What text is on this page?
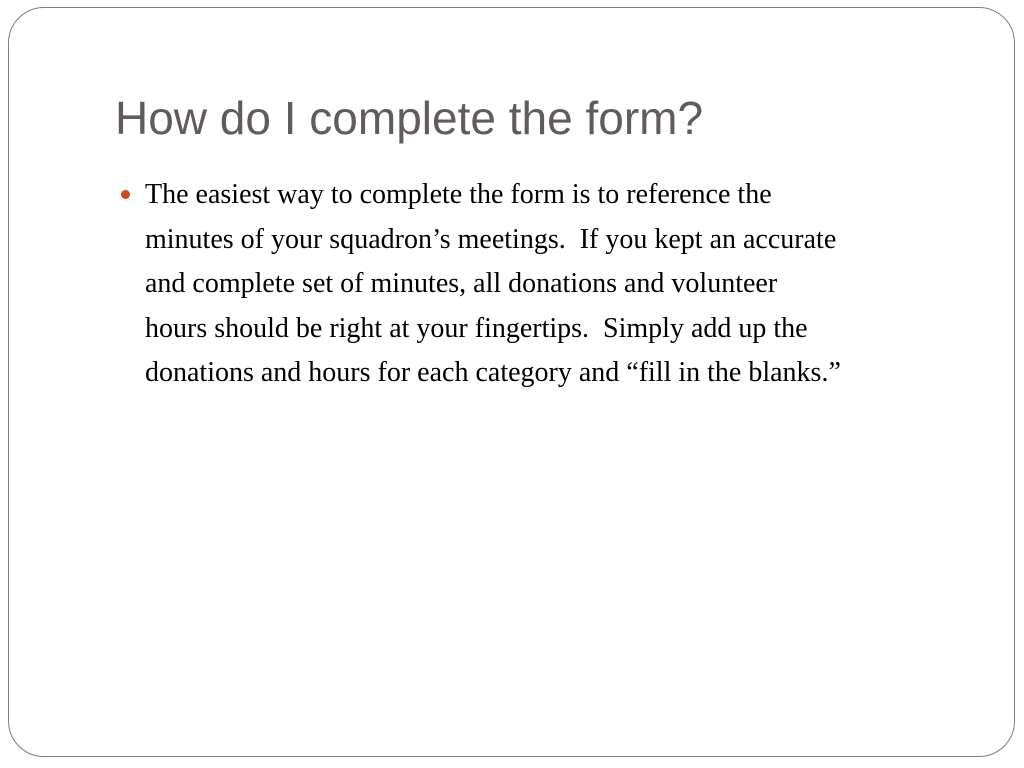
How do I complete the form?
The easiest way to complete the form is to reference the
minutes of your squadron’s meetings.  If you kept an accurate
and complete set of minutes, all donations and volunteer
hours should be right at your fingertips.  Simply add up the
donations and hours for each category and “fill in the blanks.”
